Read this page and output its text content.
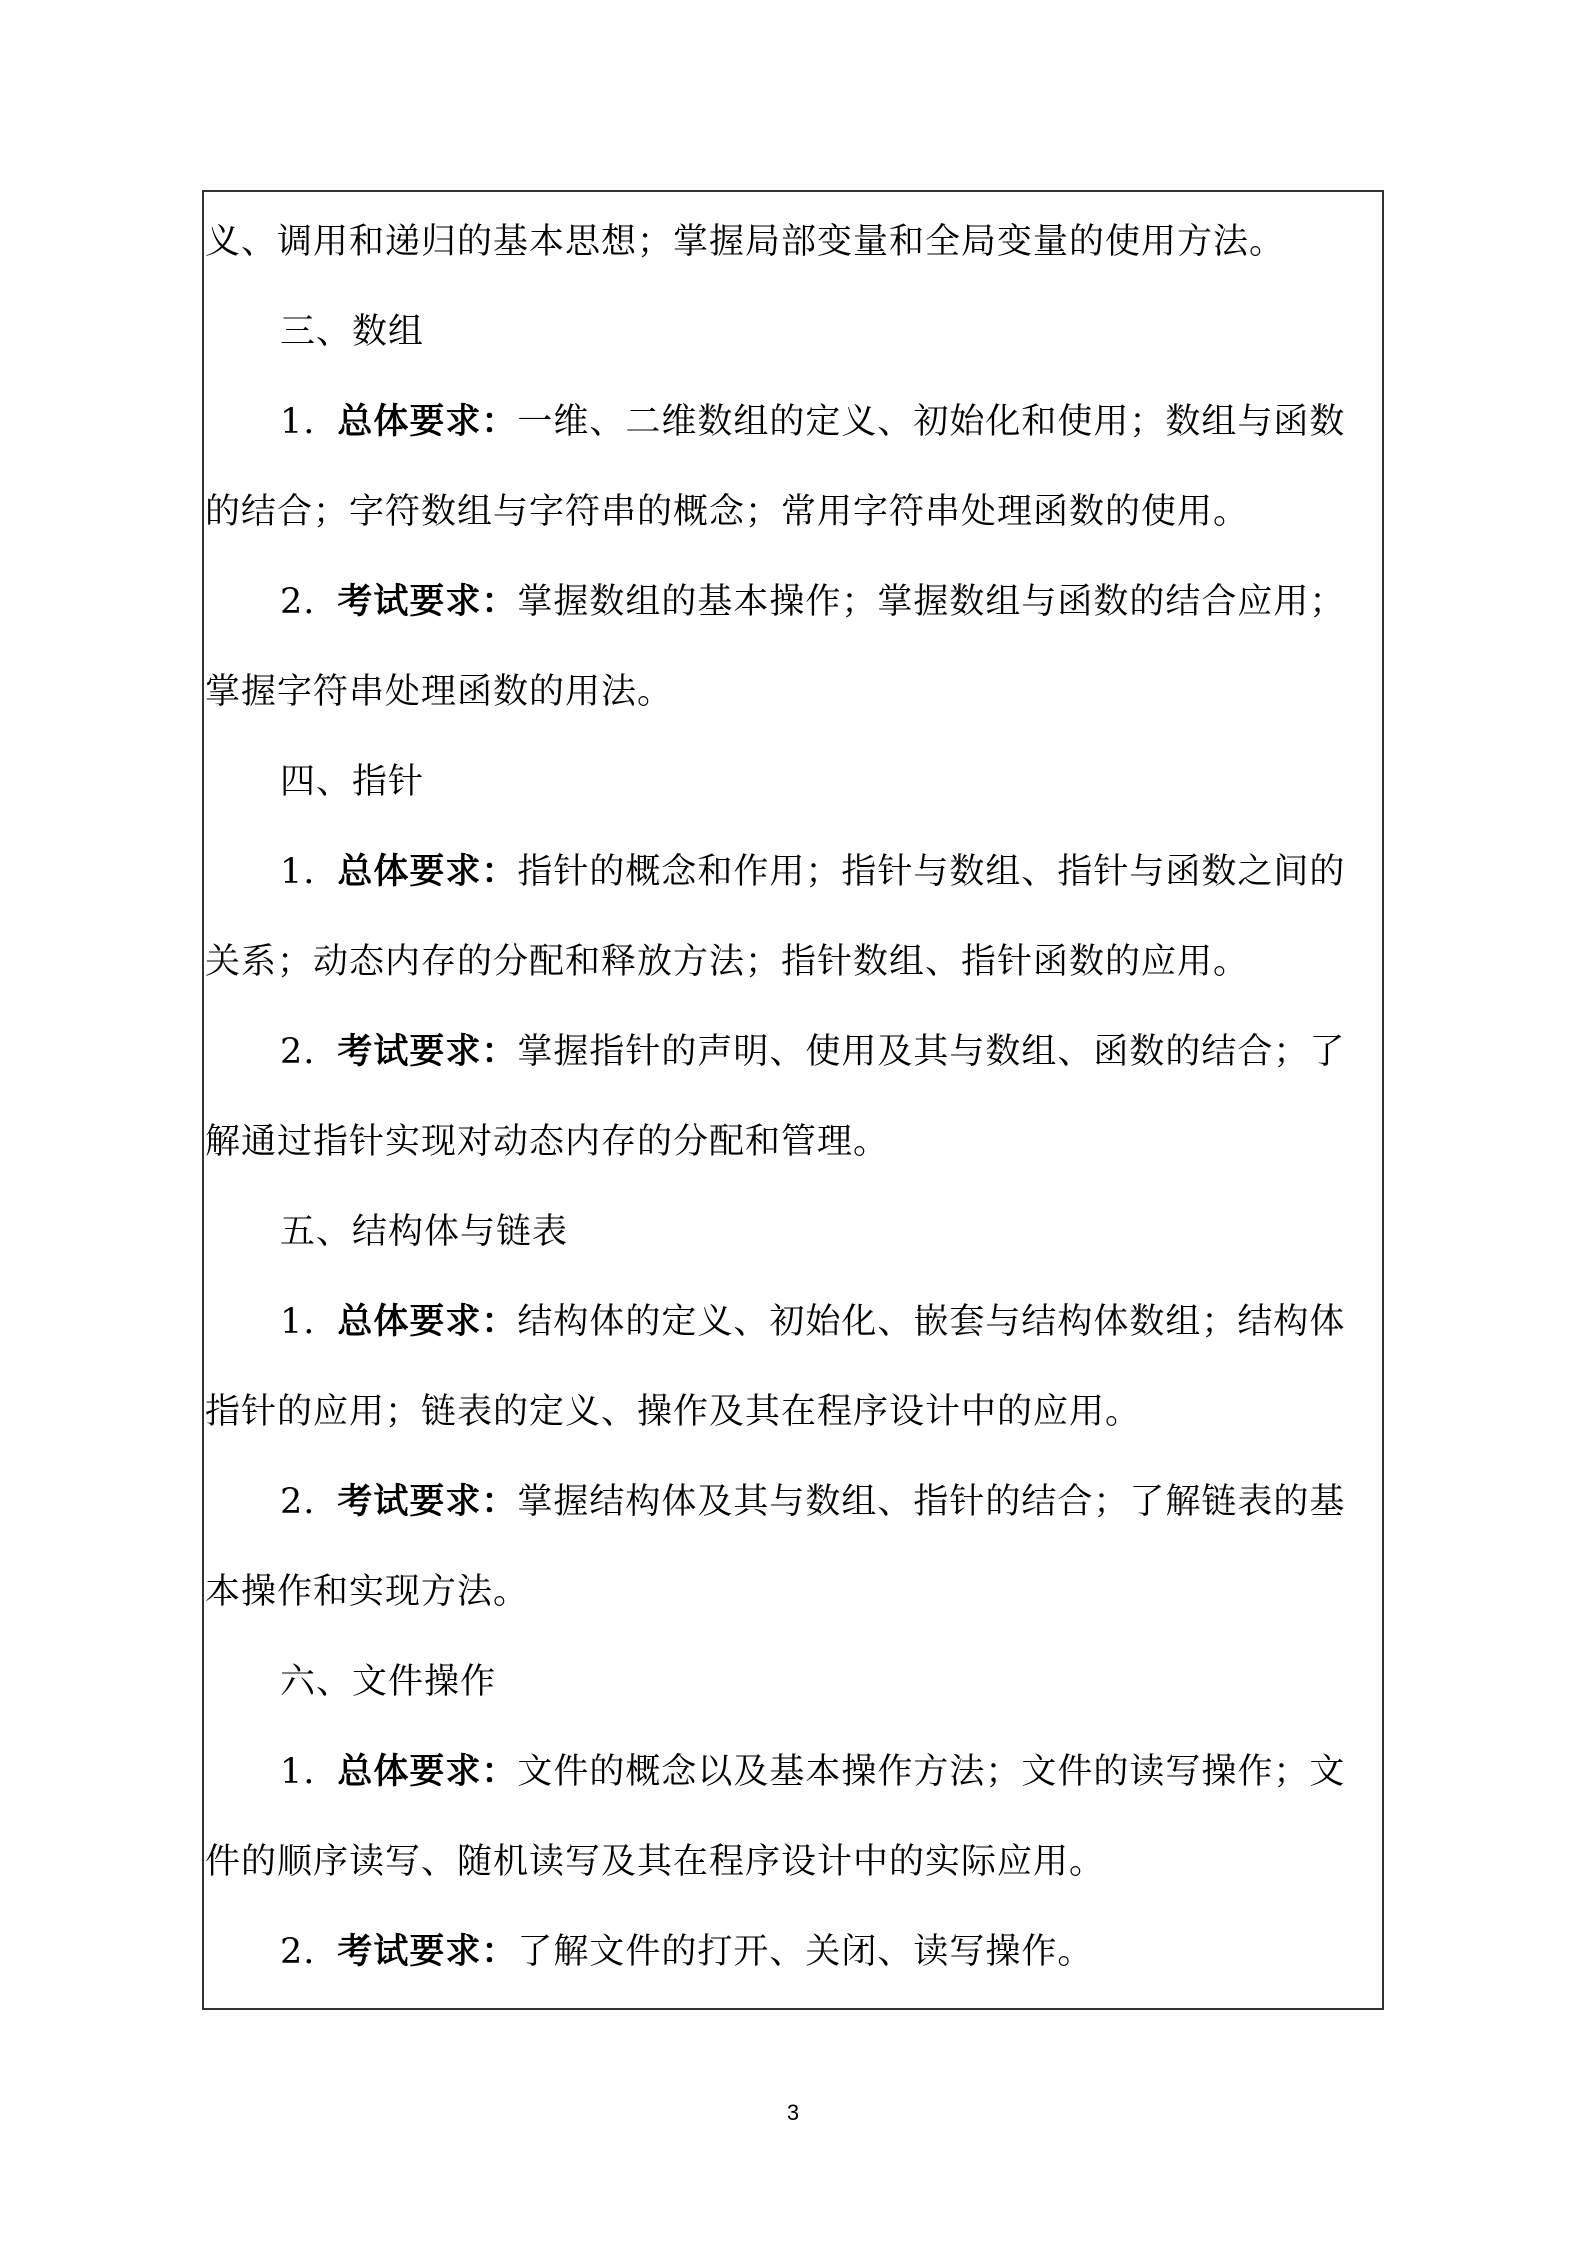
义、调用和递归的基本思想；掌握局部变量和全局变量的使用方法。
三、数组
1. 总体要求：一维、二维数组的定义、初始化和使用；数组与函数
的结合；字符数组与字符串的概念；常用字符串处理函数的使用。
2. 考试要求：掌握数组的基本操作；掌握数组与函数的结合应用；
掌握字符串处理函数的用法。
四、指针
1. 总体要求：指针的概念和作用；指针与数组、指针与函数之间的
关系；动态内存的分配和释放方法；指针数组、指针函数的应用。
2. 考试要求：掌握指针的声明、使用及其与数组、函数的结合；了
解通过指针实现对动态内存的分配和管理。
五、结构体与链表
1. 总体要求：结构体的定义、初始化、嵌套与结构体数组；结构体
指针的应用；链表的定义、操作及其在程序设计中的应用。
2. 考试要求：掌握结构体及其与数组、指针的结合；了解链表的基
本操作和实现方法。
六、文件操作
1. 总体要求：文件的概念以及基本操作方法；文件的读写操作；文
件的顺序读写、随机读写及其在程序设计中的实际应用。
2. 考试要求：了解文件的打开、关闭、读写操作。
3
